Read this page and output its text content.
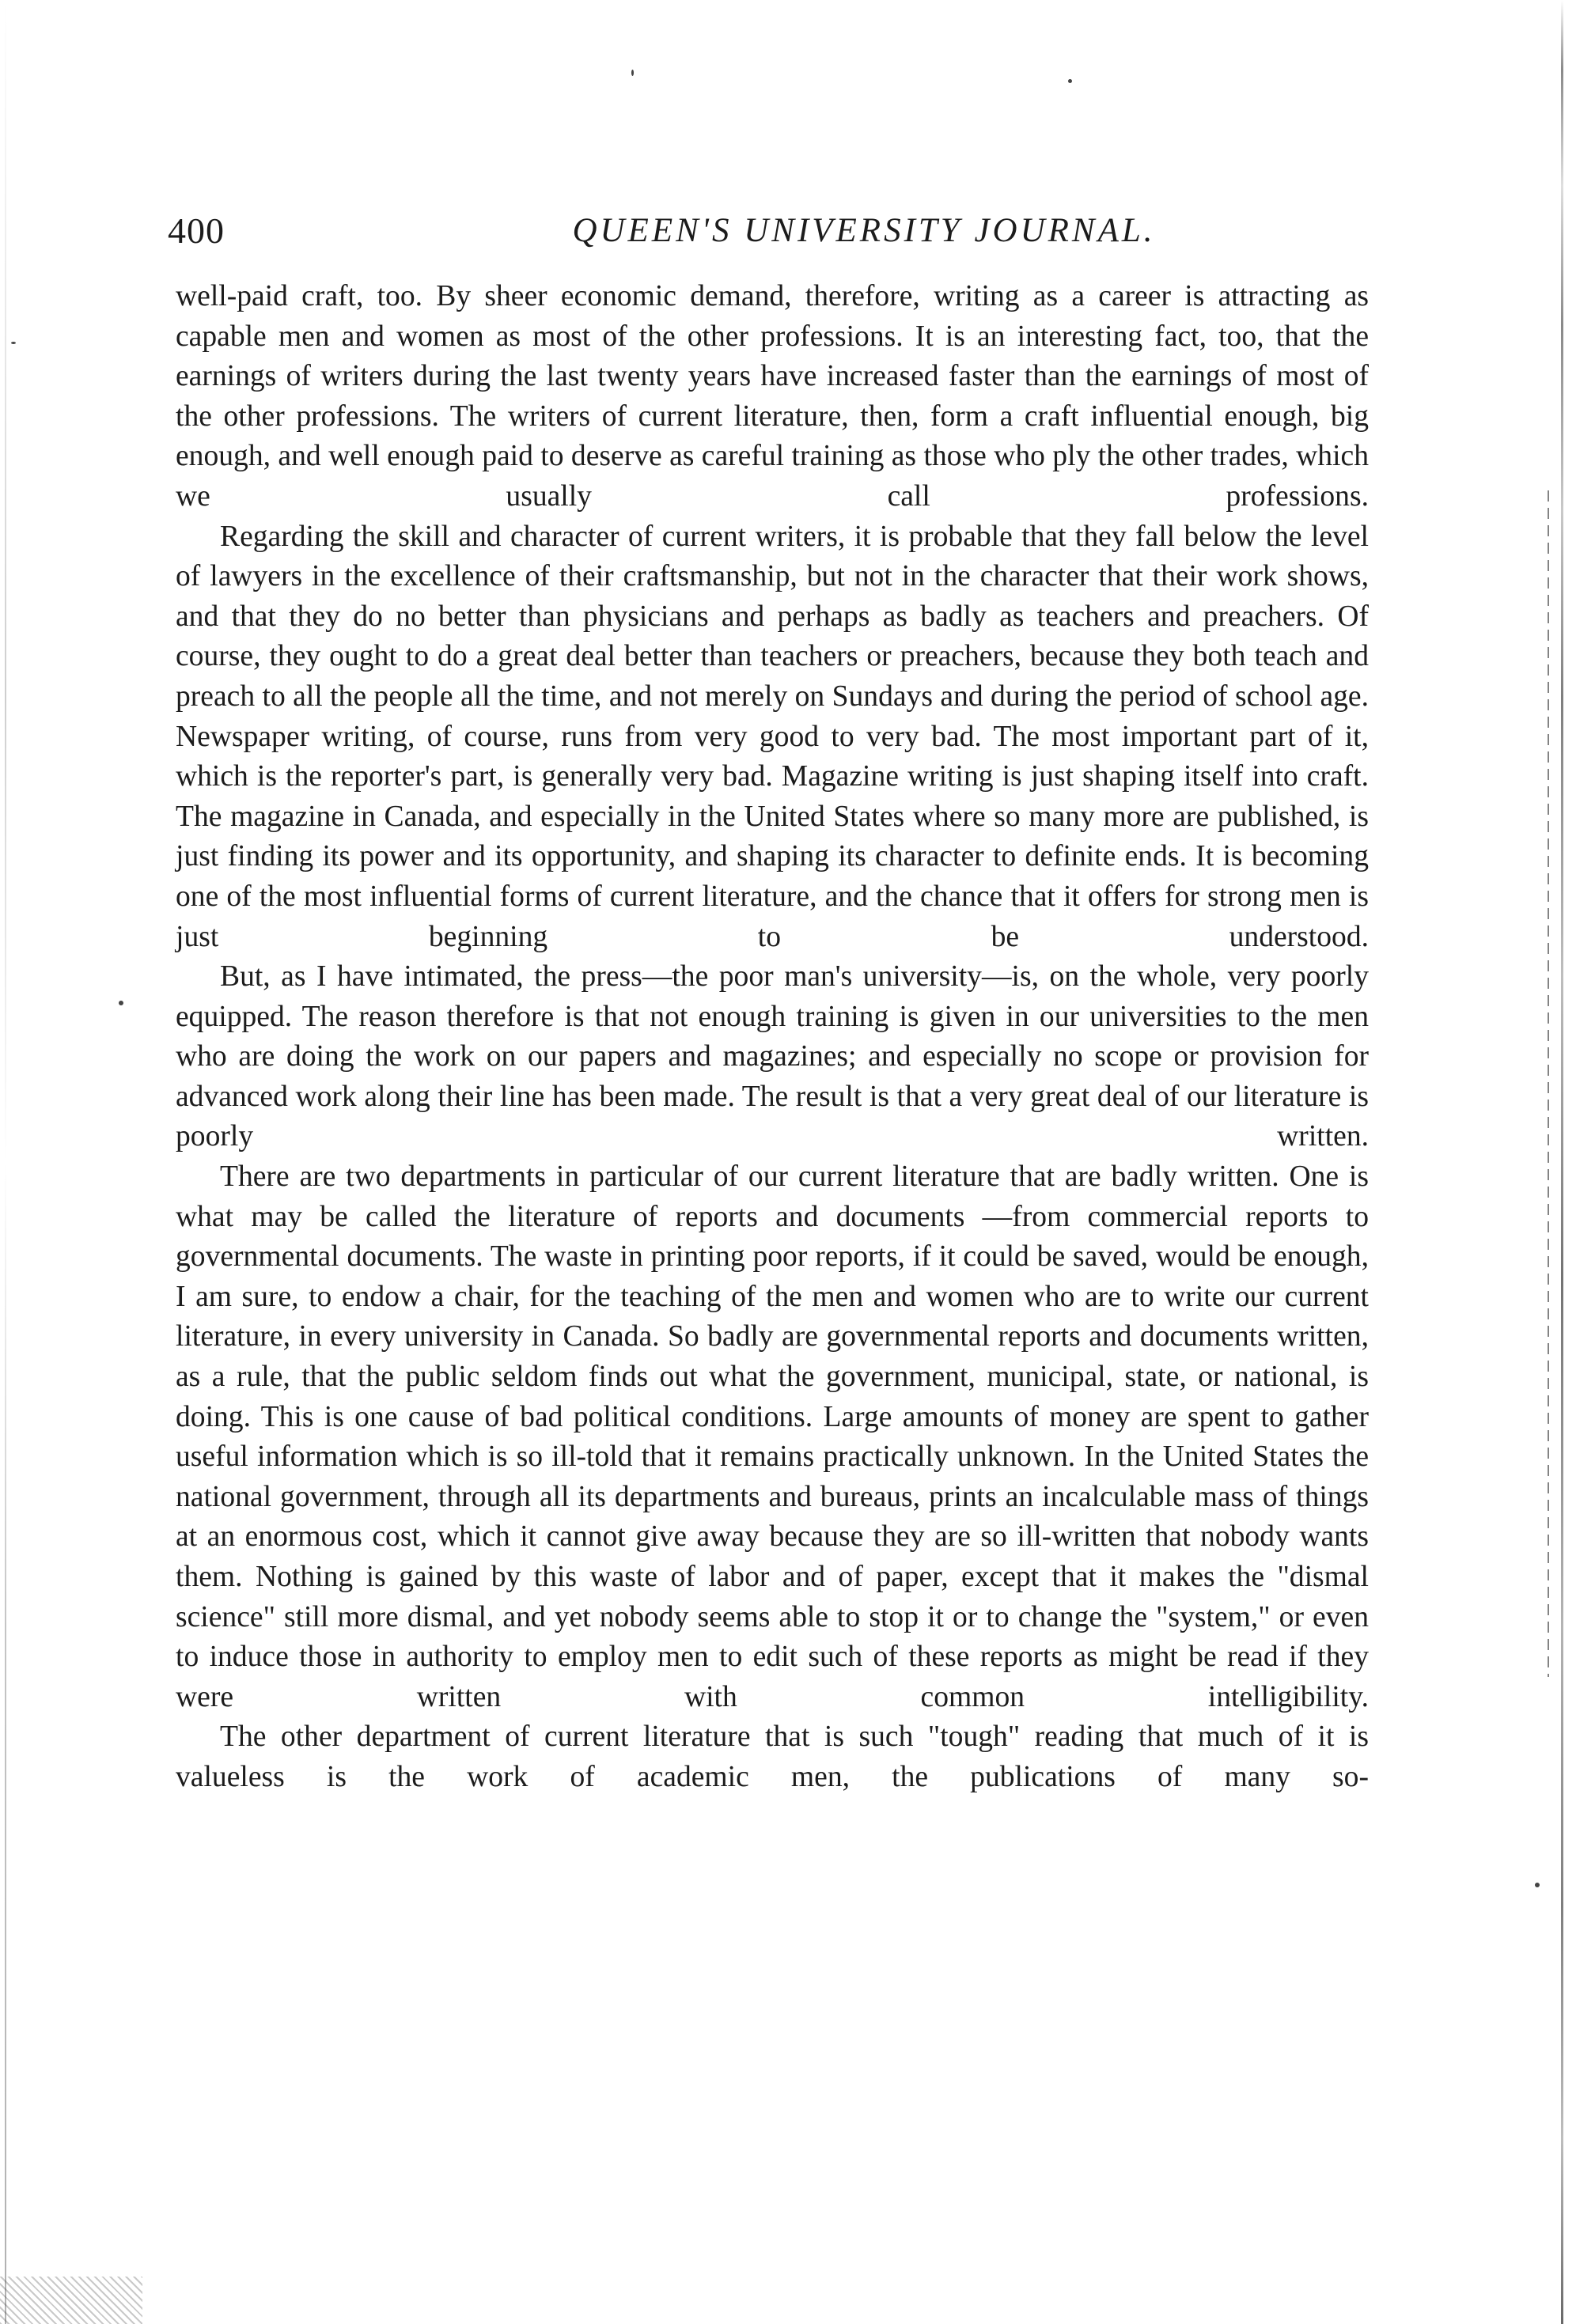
400	QUEEN'S UNIVERSITY JOURNAL.

well-paid craft, too. By sheer economic demand, therefore, writing as a career is attracting as capable men and women as most of the other professions. It is an interesting fact, too, that the earnings of writers during the last twenty years have increased faster than the earnings of most of the other professions. The writers of current literature, then, form a craft influential enough, big enough, and well enough paid to deserve as careful training as those who ply the other trades, which we usually call professions.

Regarding the skill and character of current writers, it is probable that they fall below the level of lawyers in the excellence of their craftsmanship, but not in the character that their work shows, and that they do no better than physicians and perhaps as badly as teachers and preachers. Of course, they ought to do a great deal better than teachers or preachers, because they both teach and preach to all the people all the time, and not merely on Sundays and during the period of school age. Newspaper writing, of course, runs from very good to very bad. The most important part of it, which is the reporter's part, is generally very bad. Magazine writing is just shaping itself into craft. The magazine in Canada, and especially in the United States where so many more are published, is just finding its power and its opportunity, and shaping its character to definite ends. It is becoming one of the most influential forms of current literature, and the chance that it offers for strong men is just beginning to be understood.

But, as I have intimated, the press—the poor man's university—is, on the whole, very poorly equipped. The reason therefore is that not enough training is given in our universities to the men who are doing the work on our papers and magazines; and especially no scope or provision for advanced work along their line has been made. The result is that a very great deal of our literature is poorly written.

There are two departments in particular of our current literature that are badly written. One is what may be called the literature of reports and documents —from commercial reports to governmental documents. The waste in printing poor reports, if it could be saved, would be enough, I am sure, to endow a chair, for the teaching of the men and women who are to write our current literature, in every university in Canada. So badly are governmental reports and documents written, as a rule, that the public seldom finds out what the government, municipal, state, or national, is doing. This is one cause of bad political conditions. Large amounts of money are spent to gather useful information which is so ill-told that it remains practically unknown. In the United States the national government, through all its departments and bureaus, prints an incalculable mass of things at an enormous cost, which it cannot give away because they are so ill-written that nobody wants them. Nothing is gained by this waste of labor and of paper, except that it makes the "dismal science" still more dismal, and yet nobody seems able to stop it or to change the "system," or even to induce those in authority to employ men to edit such of these reports as might be read if they were written with common intelligibility.

The other department of current literature that is such "tough" reading that much of it is valueless is the work of academic men, the publications of many so-
